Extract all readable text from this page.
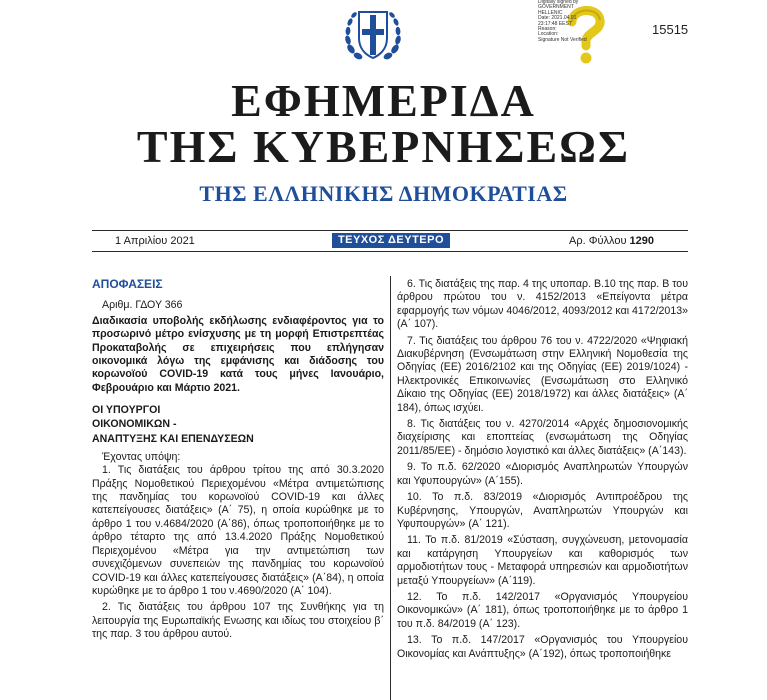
Digitally signed by
GOVERNMENT
HELLENIC
Date: 2021.04.01
23:17:48 EEST
Reason:
Location:
Signature Not Verified
15515
ΕΦΗΜΕΡΙΔΑ
ΤΗΣ ΚΥΒΕΡΝΗΣΕΩΣ
ΤΗΣ ΕΛΛΗΝΙΚΗΣ ΔΗΜΟΚΡΑΤΙΑΣ
1 Απριλίου 2021	ΤΕΥΧΟΣ ΔΕΥΤΕΡΟ	Αρ. Φύλλου 1290

ΑΠΟΦΑΣΕΙΣ

Αριθμ. ΓΔΟΥ 366

Διαδικασία υποβολής εκδήλωσης ενδιαφέροντος για το προσωρινό μέτρο ενίσχυσης με τη μορφή Επιστρεπτέας Προκαταβολής σε επιχειρήσεις που επλήγησαν οικονομικά λόγω της εμφάνισης και διάδοσης του κορωνοϊού COVID-19 κατά τους μήνες Ιανουάριο, Φεβρουάριο και Μάρτιο 2021.

ΟΙ ΥΠΟΥΡΓΟΙ

ΟΙΚΟΝΟΜΙΚΩΝ -

ΑΝΑΠΤΥΞΗΣ ΚΑΙ ΕΠΕΝΔΥΣΕΩΝ

Έχοντας υπόψη:

1. Τις διατάξεις του άρθρου τρίτου της από 30.3.2020 Πράξης Νομοθετικού Περιεχομένου «Μέτρα αντιμετώπισης της πανδημίας του κορωνοϊού COVID-19 και άλλες κατεπείγουσες διατάξεις» (Α΄ 75), η οποία κυρώθηκε με το άρθρο 1 του ν.4684/2020 (Α΄86), όπως τροποποιήθηκε με το άρθρο τέταρτο της από 13.4.2020 Πράξης Νομοθετικού Περιεχομένου «Μέτρα για την αντιμετώπιση των συνεχιζόμενων συνεπειών της πανδημίας του κορωνοϊού COVID-19 και άλλες κατεπείγουσες διατάξεις» (Α΄84), η οποία κυρώθηκε με το άρθρο 1 του ν.4690/2020 (Α΄ 104).

2. Τις διατάξεις του άρθρου 107 της Συνθήκης για τη λειτουργία της Ευρωπαϊκής Ενωσης και ιδίως του στοιχείου β΄ της παρ. 3 του άρθρου αυτού.

6. Τις διατάξεις της παρ. 4 της υποπαρ. Β.10 της παρ. Β του άρθρου πρώτου του ν. 4152/2013 «Επείγοντα μέτρα εφαρμογής των νόμων 4046/2012, 4093/2012 και 4172/2013» (Α΄ 107).

7. Τις διατάξεις του άρθρου 76 του ν. 4722/2020 «Ψηφιακή Διακυβέρνηση (Ενσωμάτωση στην Ελληνική Νομοθεσία της Οδηγίας (ΕΕ) 2016/2102 και της Οδηγίας (ΕΕ) 2019/1024) - Ηλεκτρονικές Επικοινωνίες (Ενσωμάτωση στο Ελληνικό Δίκαιο της Οδηγίας (ΕΕ) 2018/1972) και άλλες διατάξεις» (Α΄ 184), όπως ισχύει.

8. Τις διατάξεις του ν. 4270/2014 «Αρχές δημοσιονομικής διαχείρισης και εποπτείας (ενσωμάτωση της Οδηγίας 2011/85/ΕΕ) - δημόσιο λογιστικό και άλλες διατάξεις» (Α΄143).

9. Το π.δ. 62/2020 «Διορισμός Αναπληρωτών Υπουργών και Υφυπουργών» (Α΄155).

10. Το π.δ. 83/2019 «Διορισμός Αντιπροέδρου της Κυβέρνησης, Υπουργών, Αναπληρωτών Υπουργών και Υφυπουργών» (Α΄ 121).

11. Το π.δ. 81/2019 «Σύσταση, συγχώνευση, μετονομασία και κατάργηση Υπουργείων και καθορισμός των αρμοδιοτήτων τους - Μεταφορά υπηρεσιών και αρμοδιοτήτων μεταξύ Υπουργείων» (Α΄119).

12. Το π.δ. 142/2017 «Οργανισμός Υπουργείου Οικονομικών» (Α΄ 181), όπως τροποποιήθηκε με το άρθρο 1 του π.δ. 84/2019 (Α΄ 123).

13. Το π.δ. 147/2017 «Οργανισμός του Υπουργείου Οικονομίας και Ανάπτυξης» (Α΄192), όπως τροποποιήθηκε
